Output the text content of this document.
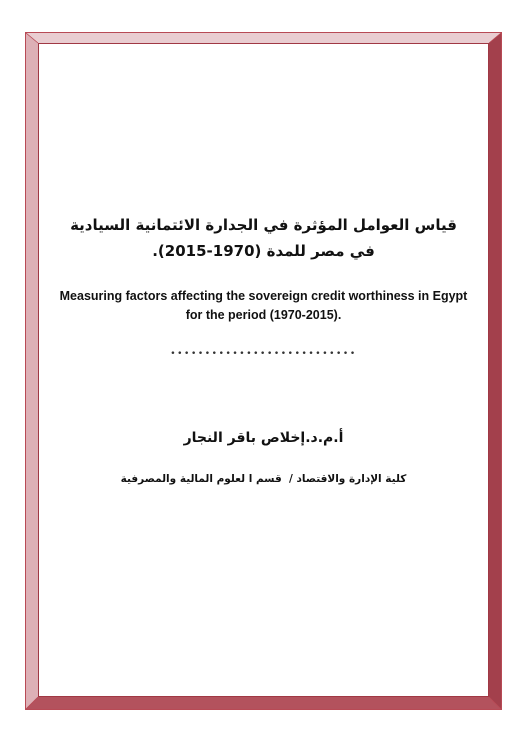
قياس العوامل المؤثرة في الجدارة الائتمانية السيادية

في مصر للمدة (1970-2015).

Measuring factors affecting the sovereign credit worthiness in Egypt

for the period (1970-2015).

•••••••••••••••••••••••••••
أ.م.د.إخلاص باقر النجار
كلية الإدارة والاقتصاد /  قسم ا لعلوم المالية والمصرفية
